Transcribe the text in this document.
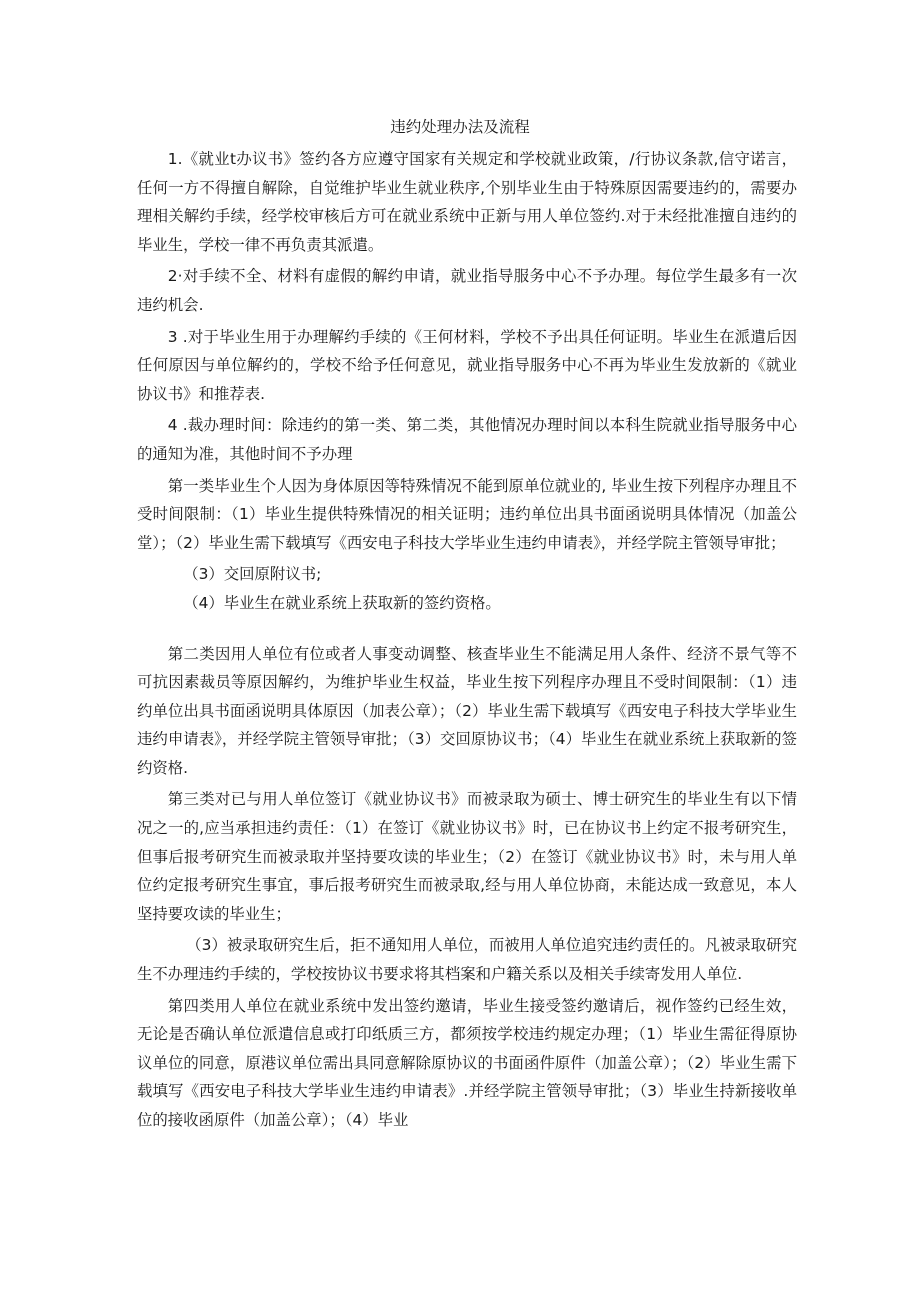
违约处理办法及流程

1.《就业t办议书》签约各方应遵守国家有关规定和学校就业政策，/行协议条款,信守诺言，任何一方不得擅自解除，自觉维护毕业生就业秩序,个别毕业生由于特殊原因需要违约的，需要办理相关解约手续，经学校审核后方可在就业系统中正新与用人单位签约.对于未经批准擅自违约的毕业生，学校一律不再负责其派遣。

2·对手续不全、材料有虚假的解约申请，就业指导服务中心不予办理。每位学生最多有一次违约机会.

3 .对于毕业生用于办理解约手续的《王何材料，学校不予出具任何证明。毕业生在派遣后因任何原因与单位解约的，学校不给予任何意见，就业指导服务中心不再为毕业生发放新的《就业协议书》和推荐表.

4 .裁办理时间：除违约的第一类、第二类，其他情况办理时间以本科生院就业指导服务中心的通知为准，其他时间不予办理

第一类毕业生个人因为身体原因等特殊情况不能到原单位就业的, 毕业生按下列程序办理且不受时间限制：（1）毕业生提供特殊情况的相关证明；违约单位出具书面函说明具体情况（加盖公堂）；（2）毕业生需下载填写《西安电子科技大学毕业生违约申请表》，并经学院主管领导审批；

（3）交回原附议书;

（4）毕业生在就业系统上获取新的签约资格。

第二类因用人单位有位或者人事变动调整、核查毕业生不能满足用人条件、经济不景气等不可抗因素裁员等原因解约，为维护毕业生权益，毕业生按下列程序办理且不受时间限制：（1）违约单位出具书面函说明具体原因（加表公章）；（2）毕业生需下载填写《西安电子科技大学毕业生违约申请表》，并经学院主管领导审批；（3）交回原协议书；（4）毕业生在就业系统上获取新的签约资格.

第三类对已与用人单位签订《就业协议书》而被录取为硕士、博士研究生的毕业生有以下情况之一的,应当承担违约责任：（1）在签订《就业协议书》时，已在协议书上约定不报考研究生，但事后报考研究生而被录取并坚持要攻读的毕业生；（2）在签订《就业协议书》时，未与用人单位约定报考研究生事宜，事后报考研究生而被录取,经与用人单位协商，未能达成一致意见，本人坚持要攻读的毕业生；

（3）被录取研究生后，拒不通知用人单位，而被用人单位追究违约责任的。凡被录取研究生不办理违约手续的，学校按协议书要求将其档案和户籍关系以及相关手续寄发用人单位.

第四类用人单位在就业系统中发出签约邀请，毕业生接受签约邀请后，视作签约已经生效，无论是否确认单位派遣信息或打印纸质三方，都须按学校违约规定办理；（1）毕业生需征得原协议单位的同意，原港议单位需出具同意解除原协议的书面函件原件（加盖公章）；（2）毕业生需下载填写《西安电子科技大学毕业生违约申请表》.并经学院主管领导审批；（3）毕业生持新接收单位的接收函原件（加盖公章）；（4）毕业
